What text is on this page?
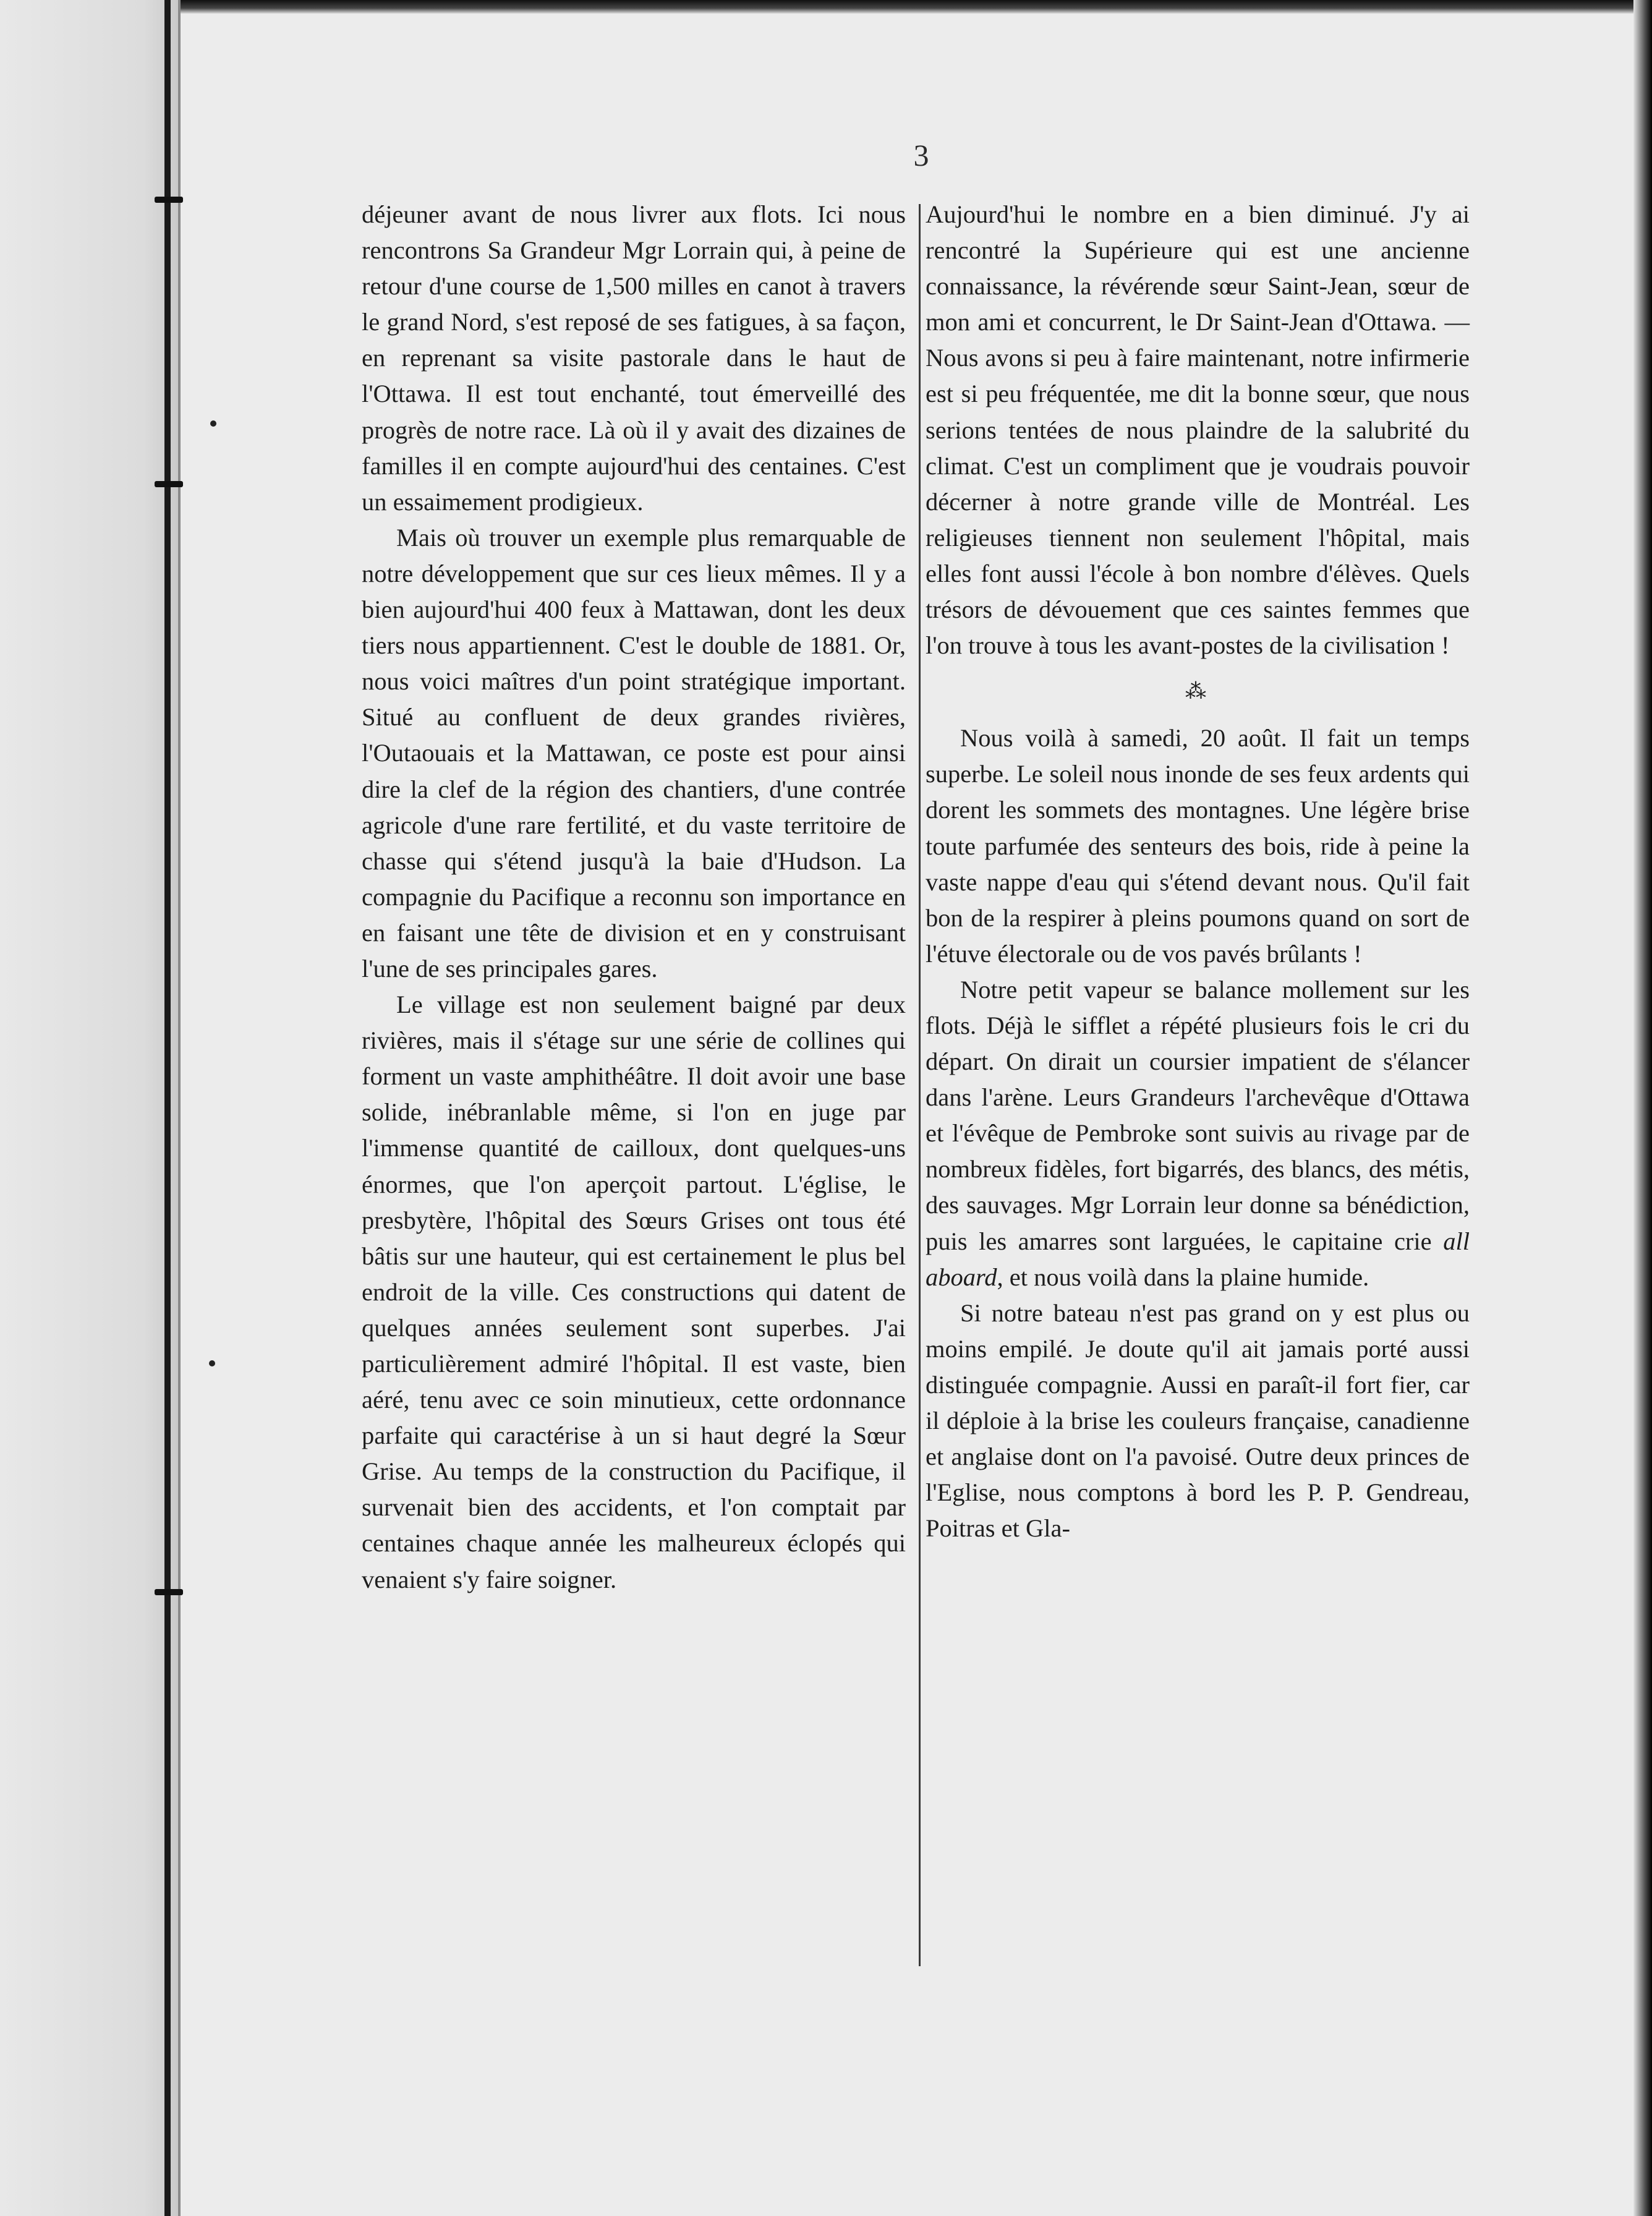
3

déjeuner avant de nous livrer aux flots. Ici nous rencontrons Sa Grandeur Mgr Lorrain qui, à peine de retour d'une course de 1,500 milles en canot à travers le grand Nord, s'est reposé de ses fatigues, à sa façon, en reprenant sa visite pastorale dans le haut de l'Ottawa. Il est tout enchanté, tout émerveillé des progrès de notre race. Là où il y avait des dizaines de familles il en compte aujourd'hui des centaines. C'est un essaimement prodigieux.

Mais où trouver un exemple plus remarquable de notre développement que sur ces lieux mêmes. Il y a bien aujourd'hui 400 feux à Mattawan, dont les deux tiers nous appartiennent. C'est le double de 1881. Or, nous voici maîtres d'un point stratégique important. Situé au confluent de deux grandes rivières, l'Outaouais et la Mattawan, ce poste est pour ainsi dire la clef de la région des chantiers, d'une contrée agricole d'une rare fertilité, et du vaste territoire de chasse qui s'étend jusqu'à la baie d'Hudson. La compagnie du Pacifique a reconnu son importance en en faisant une tête de division et en y construisant l'une de ses principales gares.

Le village est non seulement baigné par deux rivières, mais il s'étage sur une série de collines qui forment un vaste amphithéâtre. Il doit avoir une base solide, inébranlable même, si l'on en juge par l'immense quantité de cailloux, dont quelques-uns énormes, que l'on aperçoit partout. L'église, le presbytère, l'hôpital des Sœurs Grises ont tous été bâtis sur une hauteur, qui est certainement le plus bel endroit de la ville. Ces constructions qui datent de quelques années seulement sont superbes. J'ai particulièrement admiré l'hôpital. Il est vaste, bien aéré, tenu avec ce soin minutieux, cette ordonnance parfaite qui caractérise à un si haut degré la Sœur Grise. Au temps de la construction du Pacifique, il survenait bien des accidents, et l'on comptait par centaines chaque année les malheureux éclopés qui venaient s'y faire soigner.

Aujourd'hui le nombre en a bien diminué. J'y ai rencontré la Supérieure qui est une ancienne connaissance, la révérende sœur Saint-Jean, sœur de mon ami et concurrent, le Dr Saint-Jean d'Ottawa. — Nous avons si peu à faire maintenant, notre infirmerie est si peu fréquentée, me dit la bonne sœur, que nous serions tentées de nous plaindre de la salubrité du climat. C'est un compliment que je voudrais pouvoir décerner à notre grande ville de Montréal. Les religieuses tiennent non seulement l'hôpital, mais elles font aussi l'école à bon nombre d'élèves. Quels trésors de dévouement que ces saintes femmes que l'on trouve à tous les avant-postes de la civilisation !

⁂

Nous voilà à samedi, 20 août. Il fait un temps superbe. Le soleil nous inonde de ses feux ardents qui dorent les sommets des montagnes. Une légère brise toute parfumée des senteurs des bois, ride à peine la vaste nappe d'eau qui s'étend devant nous. Qu'il fait bon de la respirer à pleins poumons quand on sort de l'étuve électorale ou de vos pavés brûlants !

Notre petit vapeur se balance mollement sur les flots. Déjà le sifflet a répété plusieurs fois le cri du départ. On dirait un coursier impatient de s'élancer dans l'arène. Leurs Grandeurs l'archevêque d'Ottawa et l'évêque de Pembroke sont suivis au rivage par de nombreux fidèles, fort bigarrés, des blancs, des métis, des sauvages. Mgr Lorrain leur donne sa bénédiction, puis les amarres sont larguées, le capitaine crie all aboard, et nous voilà dans la plaine humide.

Si notre bateau n'est pas grand on y est plus ou moins empilé. Je doute qu'il ait jamais porté aussi distinguée compagnie. Aussi en paraît-il fort fier, car il déploie à la brise les couleurs française, canadienne et anglaise dont on l'a pavoisé. Outre deux princes de l'Eglise, nous comptons à bord les P. P. Gendreau, Poitras et Gla-
